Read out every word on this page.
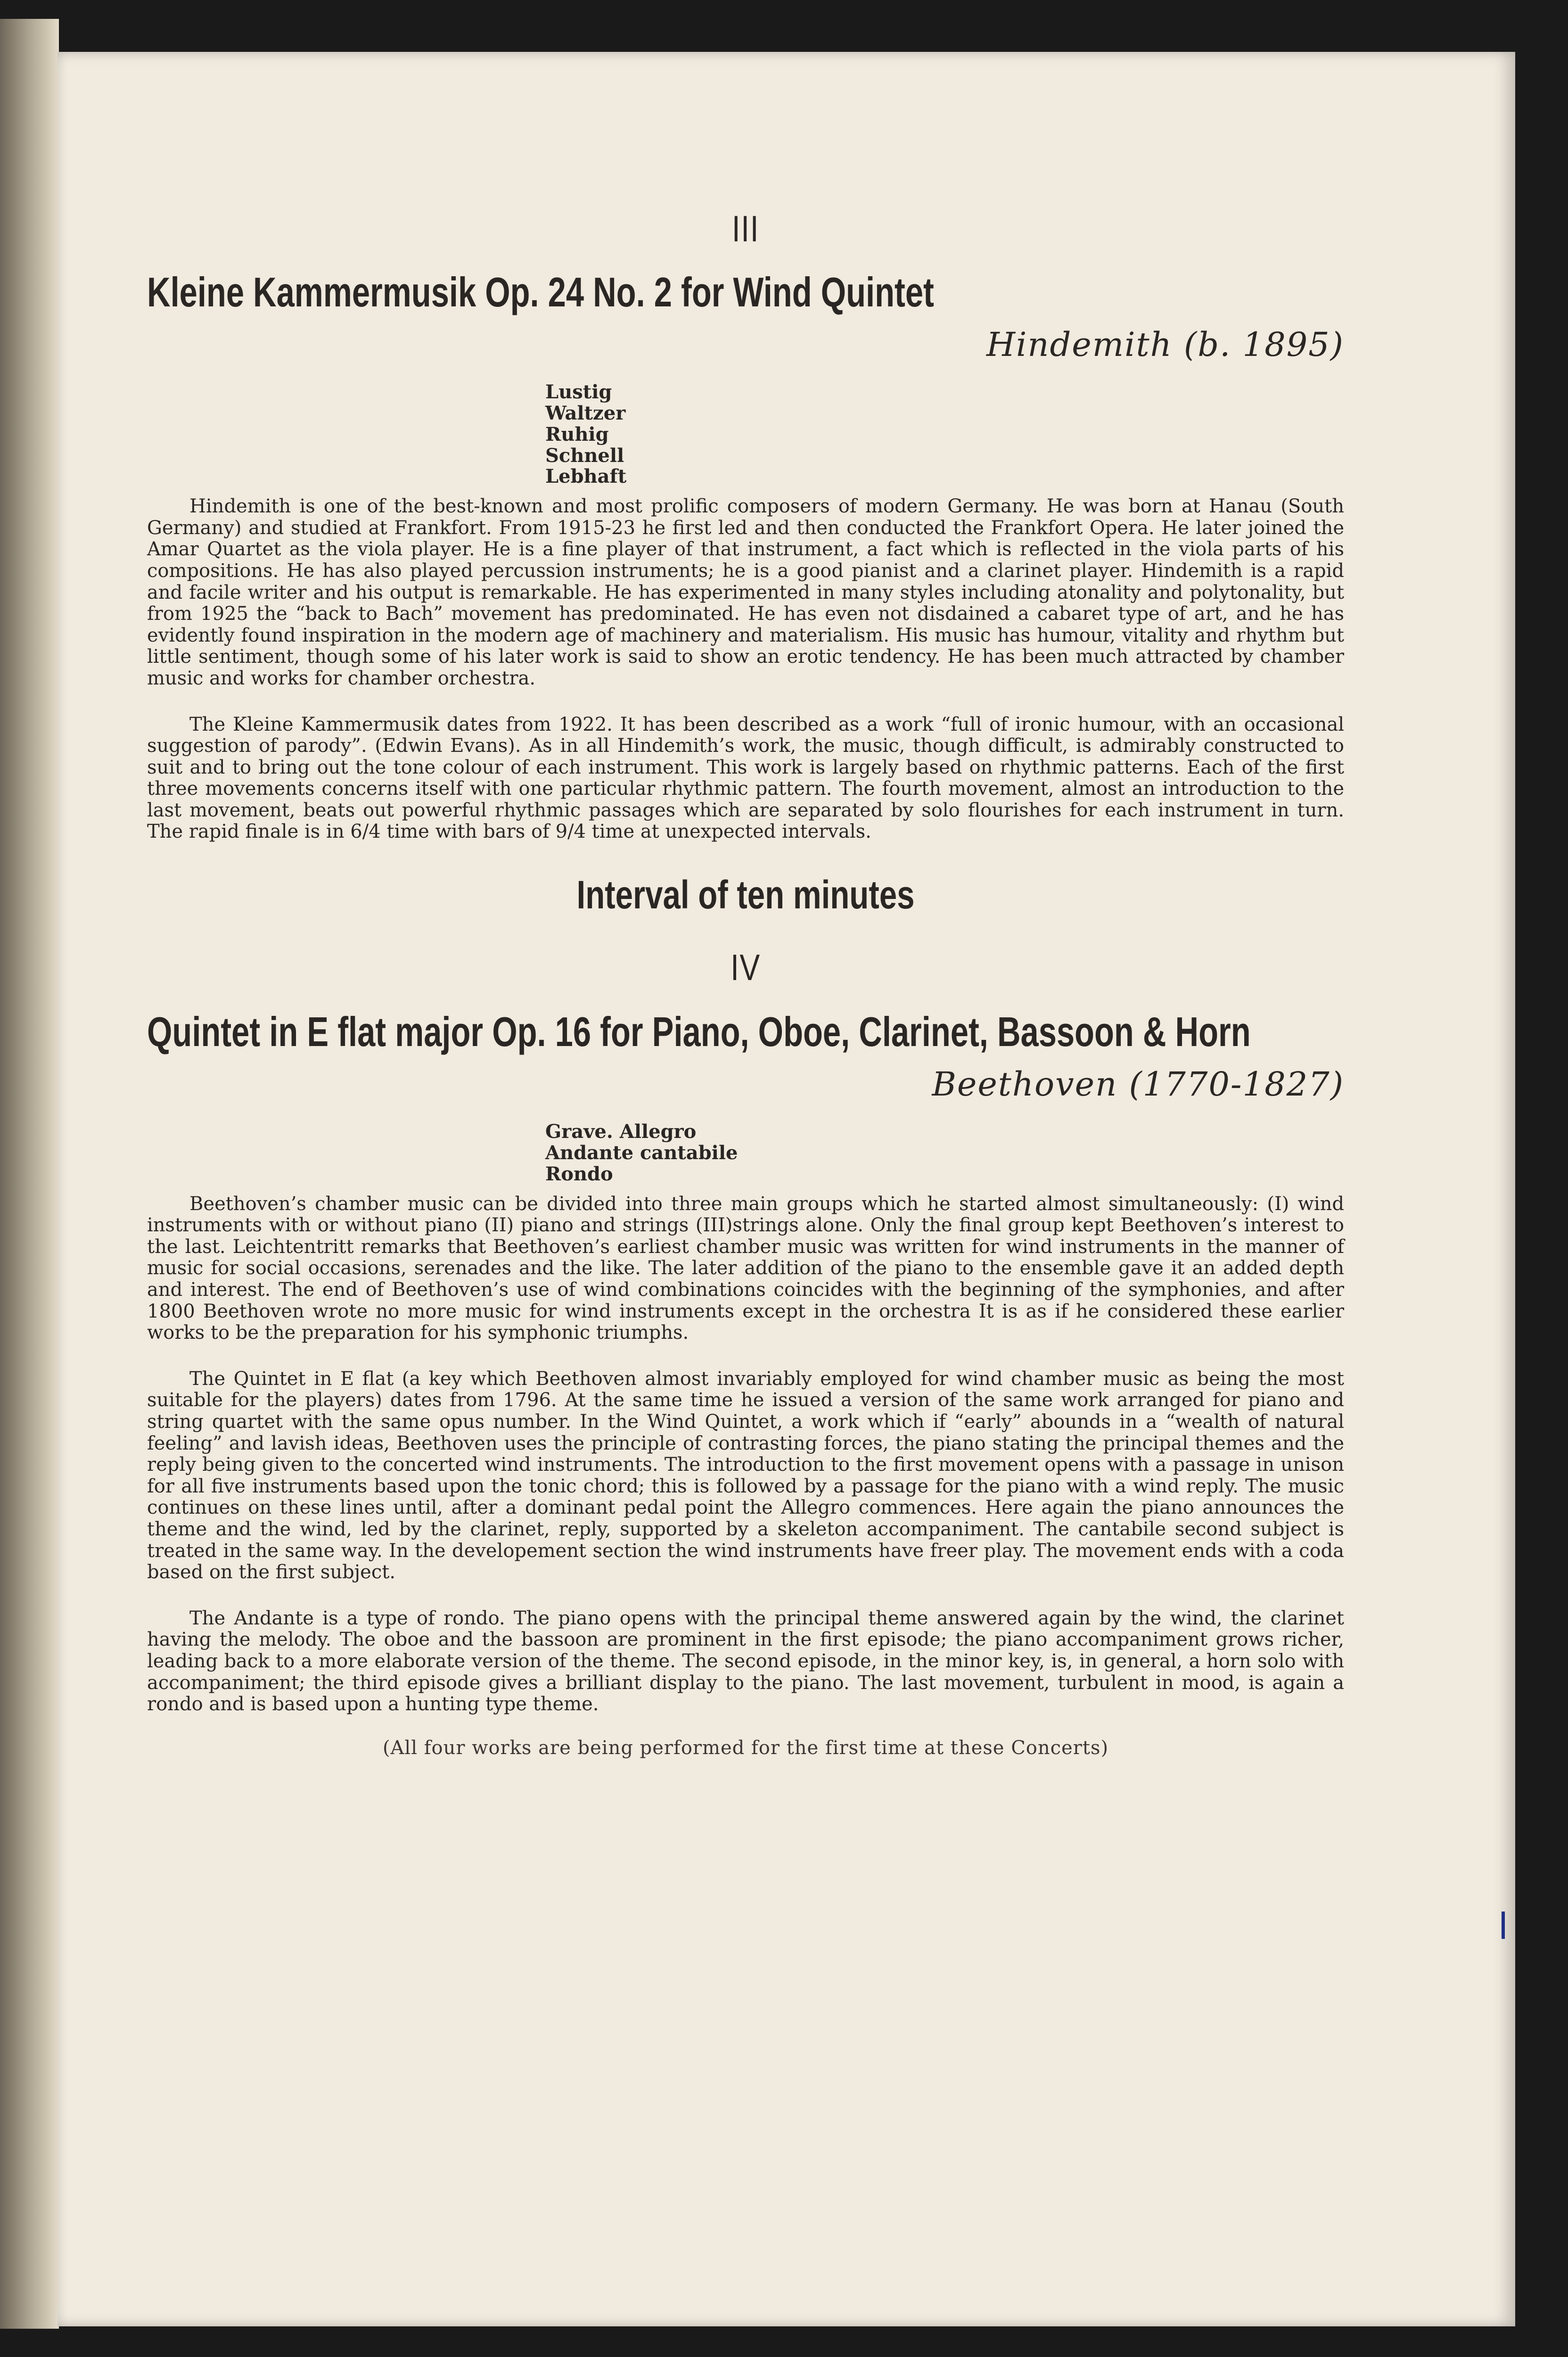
III

Kleine Kammermusik Op. 24 No. 2 for Wind Quintet

Hindemith (b. 1895)

Lustig
Waltzer
Ruhig
Schnell
Lebhaft

Hindemith is one of the best-known and most prolific composers of modern Germany. He was born at Hanau (South Germany) and studied at Frankfort. From 1915-23 he first led and then conducted the Frankfort Opera. He later joined the Amar Quartet as the viola player. He is a fine player of that instrument, a fact which is reflected in the viola parts of his compositions. He has also played percussion instruments; he is a good pianist and a clarinet player. Hindemith is a rapid and facile writer and his output is remarkable. He has experimented in many styles including atonality and polytonality, but from 1925 the “back to Bach” movement has predominated. He has even not disdained a cabaret type of art, and he has evidently found inspiration in the modern age of machinery and materialism. His music has humour, vitality and rhythm but little sentiment, though some of his later work is said to show an erotic tendency. He has been much attracted by chamber music and works for chamber orchestra.

The Kleine Kammermusik dates from 1922. It has been described as a work “full of ironic humour, with an occasional suggestion of parody”. (Edwin Evans). As in all Hindemith’s work, the music, though difficult, is admirably constructed to suit and to bring out the tone colour of each instrument. This work is largely based on rhythmic patterns. Each of the first three movements concerns itself with one particular rhythmic pattern. The fourth movement, almost an introduction to the last movement, beats out powerful rhythmic passages which are separated by solo flourishes for each instrument in turn. The rapid finale is in 6/4 time with bars of 9/4 time at unexpected intervals.

Interval of ten minutes

IV

Quintet in E flat major Op. 16 for Piano, Oboe, Clarinet, Bassoon & Horn

Beethoven (1770-1827)

Grave. Allegro
Andante cantabile
Rondo

Beethoven’s chamber music can be divided into three main groups which he started almost simultaneously: (I) wind instruments with or without piano (II) piano and strings (III)strings alone. Only the final group kept Beethoven’s interest to the last. Leichtentritt remarks that Beethoven’s earliest chamber music was written for wind instruments in the manner of music for social occasions, serenades and the like. The later addition of the piano to the ensemble gave it an added depth and interest. The end of Beethoven’s use of wind combinations coincides with the beginning of the symphonies, and after 1800 Beethoven wrote no more music for wind instruments except in the orchestra It is as if he considered these earlier works to be the preparation for his symphonic triumphs.

The Quintet in E flat (a key which Beethoven almost invariably employed for wind chamber music as being the most suitable for the players) dates from 1796. At the same time he issued a version of the same work arranged for piano and string quartet with the same opus number. In the Wind Quintet, a work which if “early” abounds in a “wealth of natural feeling” and lavish ideas, Beethoven uses the principle of contrasting forces, the piano stating the principal themes and the reply being given to the concerted wind instruments. The introduction to the first movement opens with a passage in unison for all five instruments based upon the tonic chord; this is followed by a passage for the piano with a wind reply. The music continues on these lines until, after a dominant pedal point the Allegro commences. Here again the piano announces the theme and the wind, led by the clarinet, reply, supported by a skeleton accompaniment. The cantabile second subject is treated in the same way. In the developement section the wind instruments have freer play. The movement ends with a coda based on the first subject.

The Andante is a type of rondo. The piano opens with the principal theme answered again by the wind, the clarinet having the melody. The oboe and the bassoon are prominent in the first episode; the piano accompaniment grows richer, leading back to a more elaborate version of the theme. The second episode, in the minor key, is, in general, a horn solo with accompaniment; the third episode gives a brilliant display to the piano. The last movement, turbulent in mood, is again a rondo and is based upon a hunting type theme.

(All four works are being performed for the first time at these Concerts)
